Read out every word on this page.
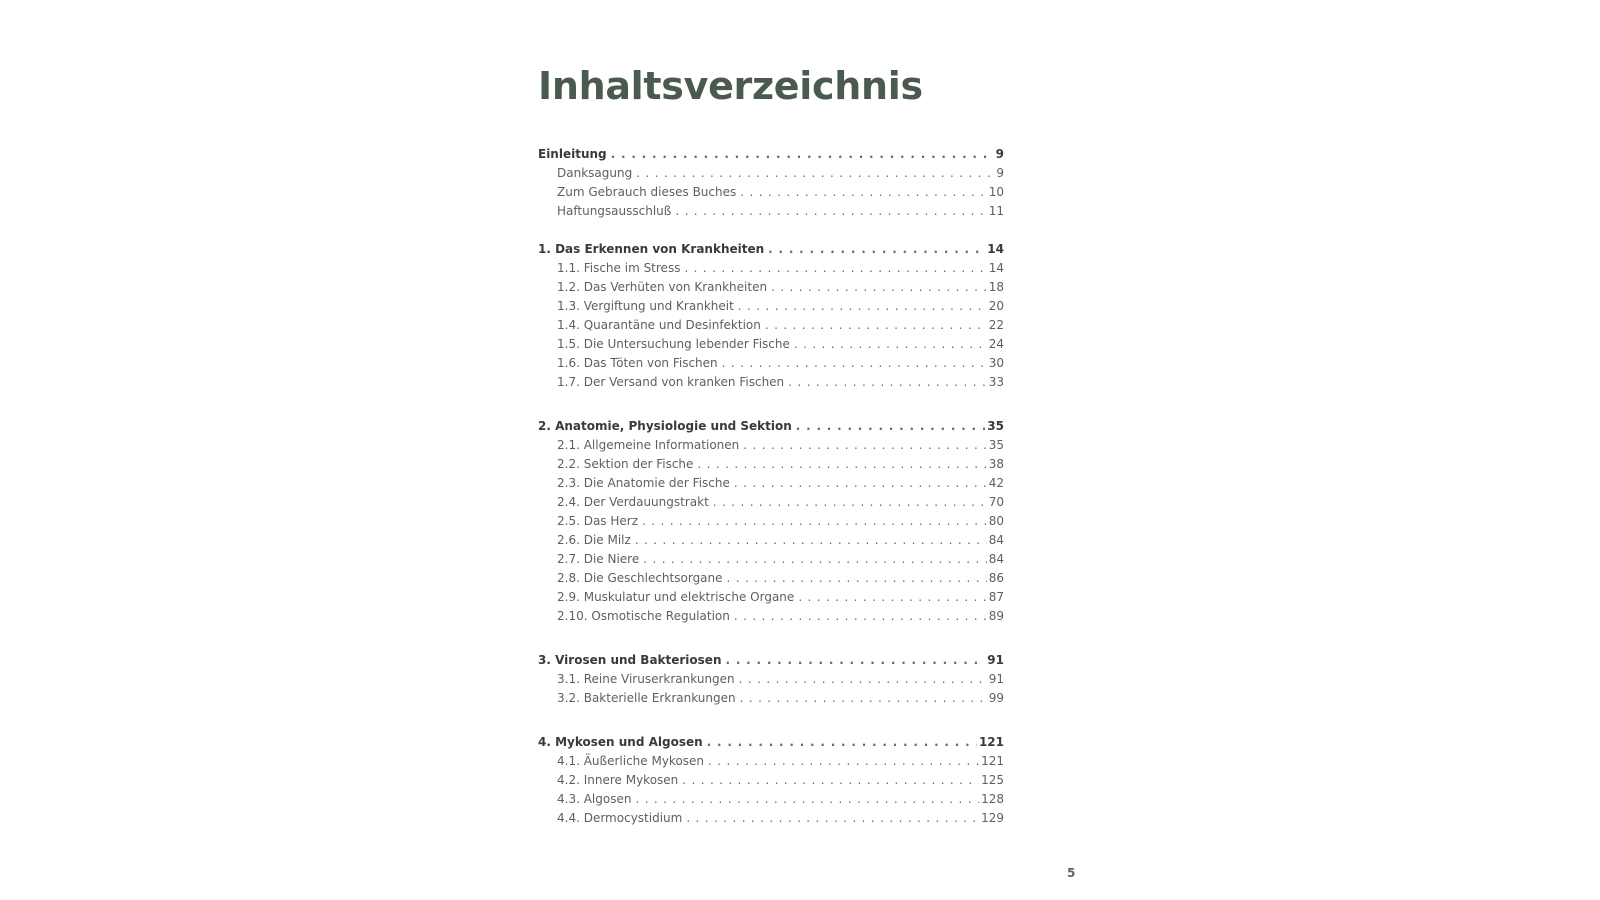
Inhaltsverzeichnis
Einleitung . . .	9
Danksagung . . .	9
Zum Gebrauch dieses Buches . . .	10
Haftungsausschluß . . .	11
1. Das Erkennen von Krankheiten . . .	14
1.1. Fische im Stress . . .	14
1.2. Das Verhüten von Krankheiten . . .	18
1.3. Vergiftung und Krankheit . . .	20
1.4. Quarantäne und Desinfektion . . .	22
1.5. Die Untersuchung lebender Fische . . .	24
1.6. Das Töten von Fischen . . .	30
1.7. Der Versand von kranken Fischen . . .	33
2. Anatomie, Physiologie und Sektion . . .	35
2.1. Allgemeine Informationen . . .	35
2.2. Sektion der Fische . . .	38
2.3. Die Anatomie der Fische . . .	42
2.4. Der Verdauungstrakt . . .	70
2.5. Das Herz . . .	80
2.6. Die Milz . . .	84
2.7. Die Niere . . .	84
2.8. Die Geschlechtsorgane . . .	86
2.9. Muskulatur und elektrische Organe . . .	87
2.10. Osmotische Regulation . . .	89
3. Virosen und Bakteriosen . . .	91
3.1. Reine Viruserkrankungen . . .	91
3.2. Bakterielle Erkrankungen . . .	99
4. Mykosen und Algosen . . .	121
4.1. Äußerliche Mykosen . . .	121
4.2. Innere Mykosen . . .	125
4.3. Algosen . . .	128
4.4. Dermocystidium . . .	129
5
